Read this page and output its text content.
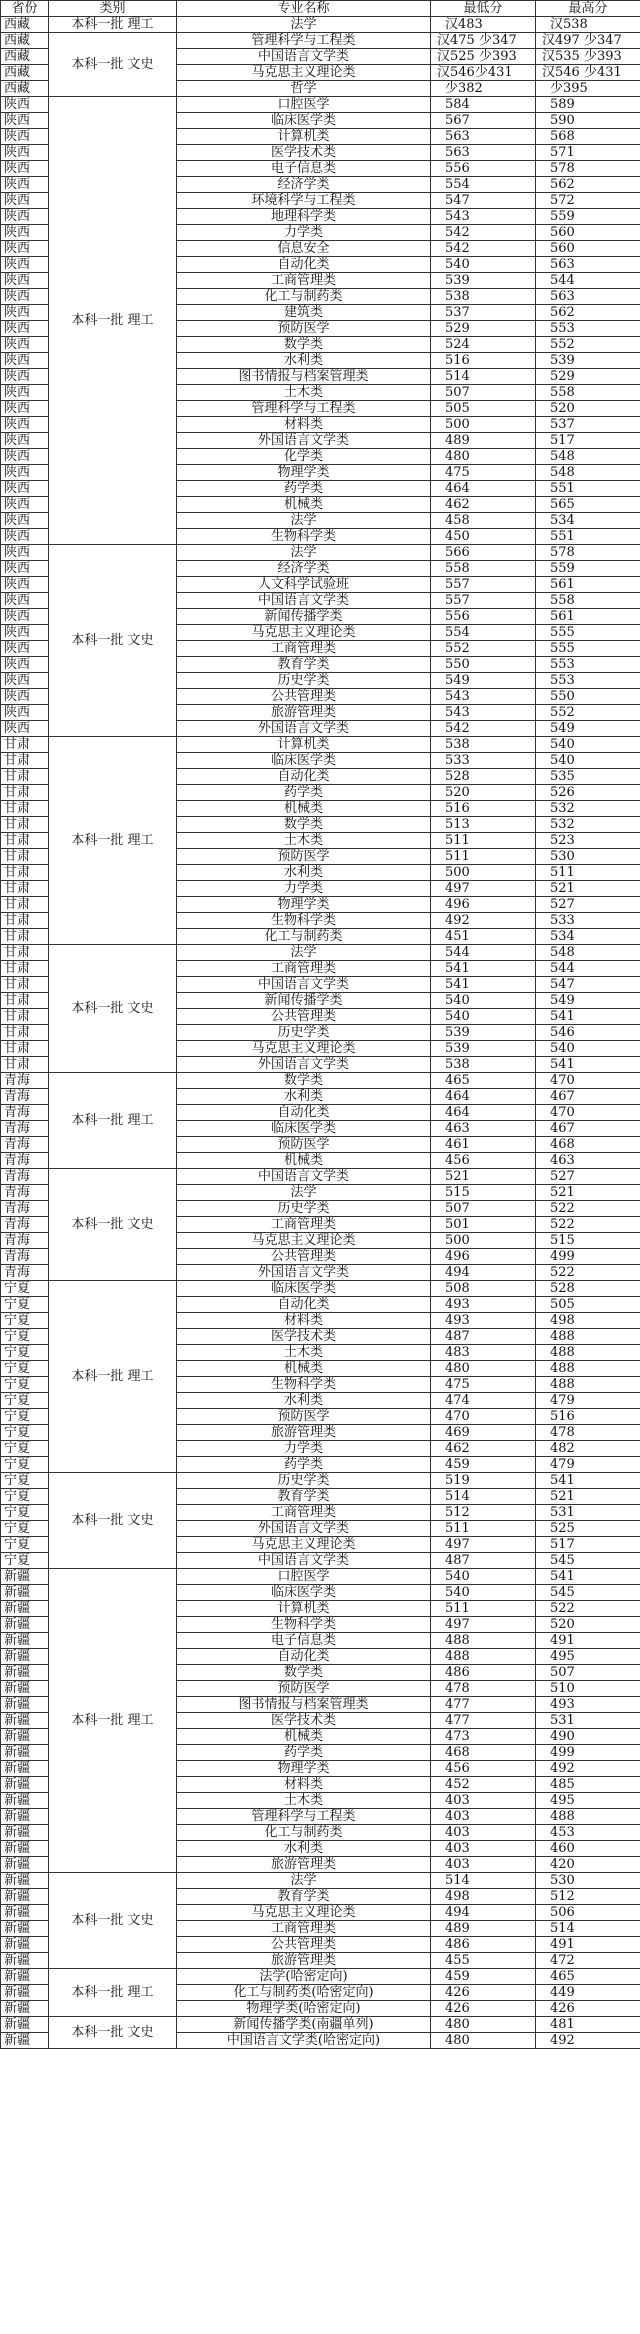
省份	类别	专业名称	最低分	最高分
西藏	本科一批 理工	法学	汉483	汉538
西藏	本科一批 文史	管理科学与工程类	汉475 少347	汉497 少347
西藏		中国语言文学类	汉525 少393	汉535 少393
西藏		马克思主义理论类	汉546少431	汉546 少431
西藏		哲学	少382	少395
陕西	本科一批 理工	口腔医学	584	589
陕西		临床医学类	567	590
陕西		计算机类	563	568
陕西		医学技术类	563	571
陕西		电子信息类	556	578
陕西		经济学类	554	562
陕西		环境科学与工程类	547	572
陕西		地理科学类	543	559
陕西		力学类	542	560
陕西		信息安全	542	560
陕西		自动化类	540	563
陕西		工商管理类	539	544
陕西		化工与制药类	538	563
陕西		建筑类	537	562
陕西		预防医学	529	553
陕西		数学类	524	552
陕西		水利类	516	539
陕西		图书情报与档案管理类	514	529
陕西		土木类	507	558
陕西		管理科学与工程类	505	520
陕西		材料类	500	537
陕西		外国语言文学类	489	517
陕西		化学类	480	548
陕西		物理学类	475	548
陕西		药学类	464	551
陕西		机械类	462	565
陕西		法学	458	534
陕西		生物科学类	450	551
陕西	本科一批 文史	法学	566	578
陕西		经济学类	558	559
陕西		人文科学试验班	557	561
陕西		中国语言文学类	557	558
陕西		新闻传播学类	556	561
陕西		马克思主义理论类	554	555
陕西		工商管理类	552	555
陕西		教育学类	550	553
陕西		历史学类	549	553
陕西		公共管理类	543	550
陕西		旅游管理类	543	552
陕西		外国语言文学类	542	549
甘肃	本科一批 理工	计算机类	538	540
甘肃		临床医学类	533	540
甘肃		自动化类	528	535
甘肃		药学类	520	526
甘肃		机械类	516	532
甘肃		数学类	513	532
甘肃		土木类	511	523
甘肃		预防医学	511	530
甘肃		水利类	500	511
甘肃		力学类	497	521
甘肃		物理学类	496	527
甘肃		生物科学类	492	533
甘肃		化工与制药类	451	534
甘肃	本科一批 文史	法学	544	548
甘肃		工商管理类	541	544
甘肃		中国语言文学类	541	547
甘肃		新闻传播学类	540	549
甘肃		公共管理类	540	541
甘肃		历史学类	539	546
甘肃		马克思主义理论类	539	540
甘肃		外国语言文学类	538	541
青海	本科一批 理工	数学类	465	470
青海		水利类	464	467
青海		自动化类	464	470
青海		临床医学类	463	467
青海		预防医学	461	468
青海		机械类	456	463
青海	本科一批 文史	中国语言文学类	521	527
青海		法学	515	521
青海		历史学类	507	522
青海		工商管理类	501	522
青海		马克思主义理论类	500	515
青海		公共管理类	496	499
青海		外国语言文学类	494	522
宁夏	本科一批 理工	临床医学类	508	528
宁夏		自动化类	493	505
宁夏		材料类	493	498
宁夏		医学技术类	487	488
宁夏		土木类	483	488
宁夏		机械类	480	488
宁夏		生物科学类	475	488
宁夏		水利类	474	479
宁夏		预防医学	470	516
宁夏		旅游管理类	469	478
宁夏		力学类	462	482
宁夏		药学类	459	479
宁夏	本科一批 文史	历史学类	519	541
宁夏		教育学类	514	521
宁夏		工商管理类	512	531
宁夏		外国语言文学类	511	525
宁夏		马克思主义理论类	497	517
宁夏		中国语言文学类	487	545
新疆	本科一批 理工	口腔医学	540	541
新疆		临床医学类	540	545
新疆		计算机类	511	522
新疆		生物科学类	497	520
新疆		电子信息类	488	491
新疆		自动化类	488	495
新疆		数学类	486	507
新疆		预防医学	478	510
新疆		图书情报与档案管理类	477	493
新疆		医学技术类	477	531
新疆		机械类	473	490
新疆		药学类	468	499
新疆		物理学类	456	492
新疆		材料类	452	485
新疆		土木类	403	495
新疆		管理科学与工程类	403	488
新疆		化工与制药类	403	453
新疆		水利类	403	460
新疆		旅游管理类	403	420
新疆	本科一批 文史	法学	514	530
新疆		教育学类	498	512
新疆		马克思主义理论类	494	506
新疆		工商管理类	489	514
新疆		公共管理类	486	491
新疆		旅游管理类	455	472
新疆	本科一批 理工	法学(哈密定向)	459	465
新疆		化工与制药类(哈密定向)	426	449
新疆		物理学类(哈密定向)	426	426
新疆	本科一批 文史	新闻传播学类(南疆单列)	480	481
新疆		中国语言文学类(哈密定向)	480	492
